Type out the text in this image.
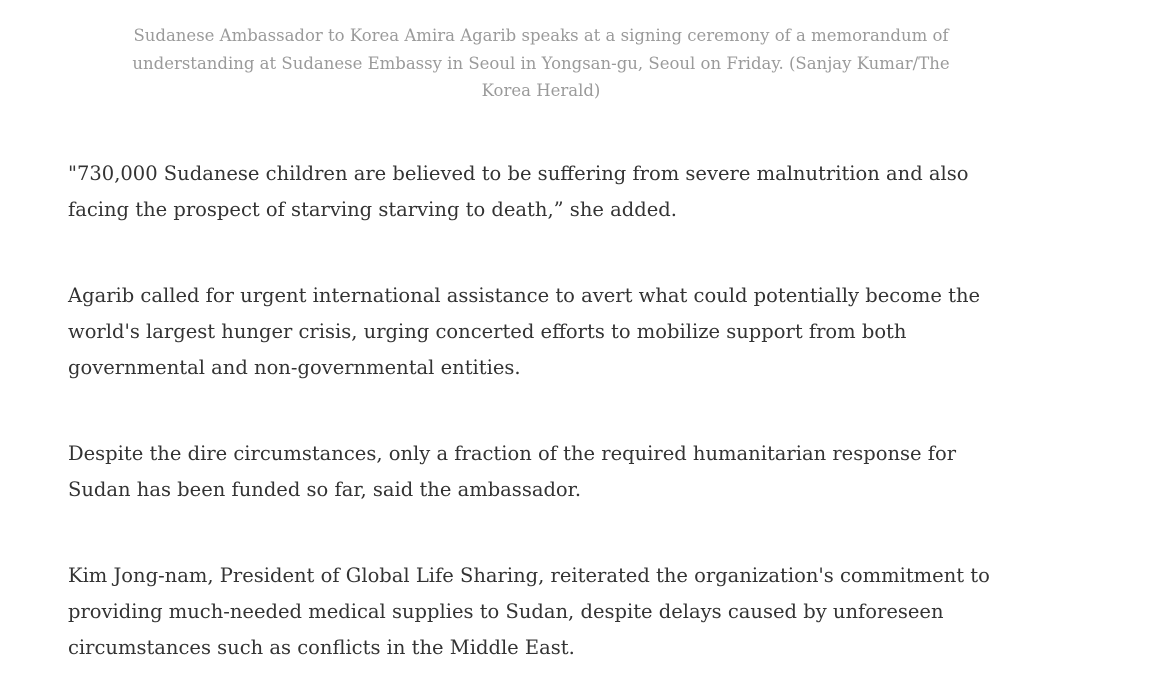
Sudanese Ambassador to Korea Amira Agarib speaks at a signing ceremony of a memorandum of understanding at Sudanese Embassy in Seoul in Yongsan-gu, Seoul on Friday. (Sanjay Kumar/The Korea Herald)

"730,000 Sudanese children are believed to be suffering from severe malnutrition and also facing the prospect of starving starving to death,” she added.

Agarib called for urgent international assistance to avert what could potentially become the world's largest hunger crisis, urging concerted efforts to mobilize support from both governmental and non-governmental entities.

Despite the dire circumstances, only a fraction of the required humanitarian response for Sudan has been funded so far, said the ambassador.

Kim Jong-nam, President of Global Life Sharing, reiterated the organization's commitment to providing much-needed medical supplies to Sudan, despite delays caused by unforeseen circumstances such as conflicts in the Middle East.
